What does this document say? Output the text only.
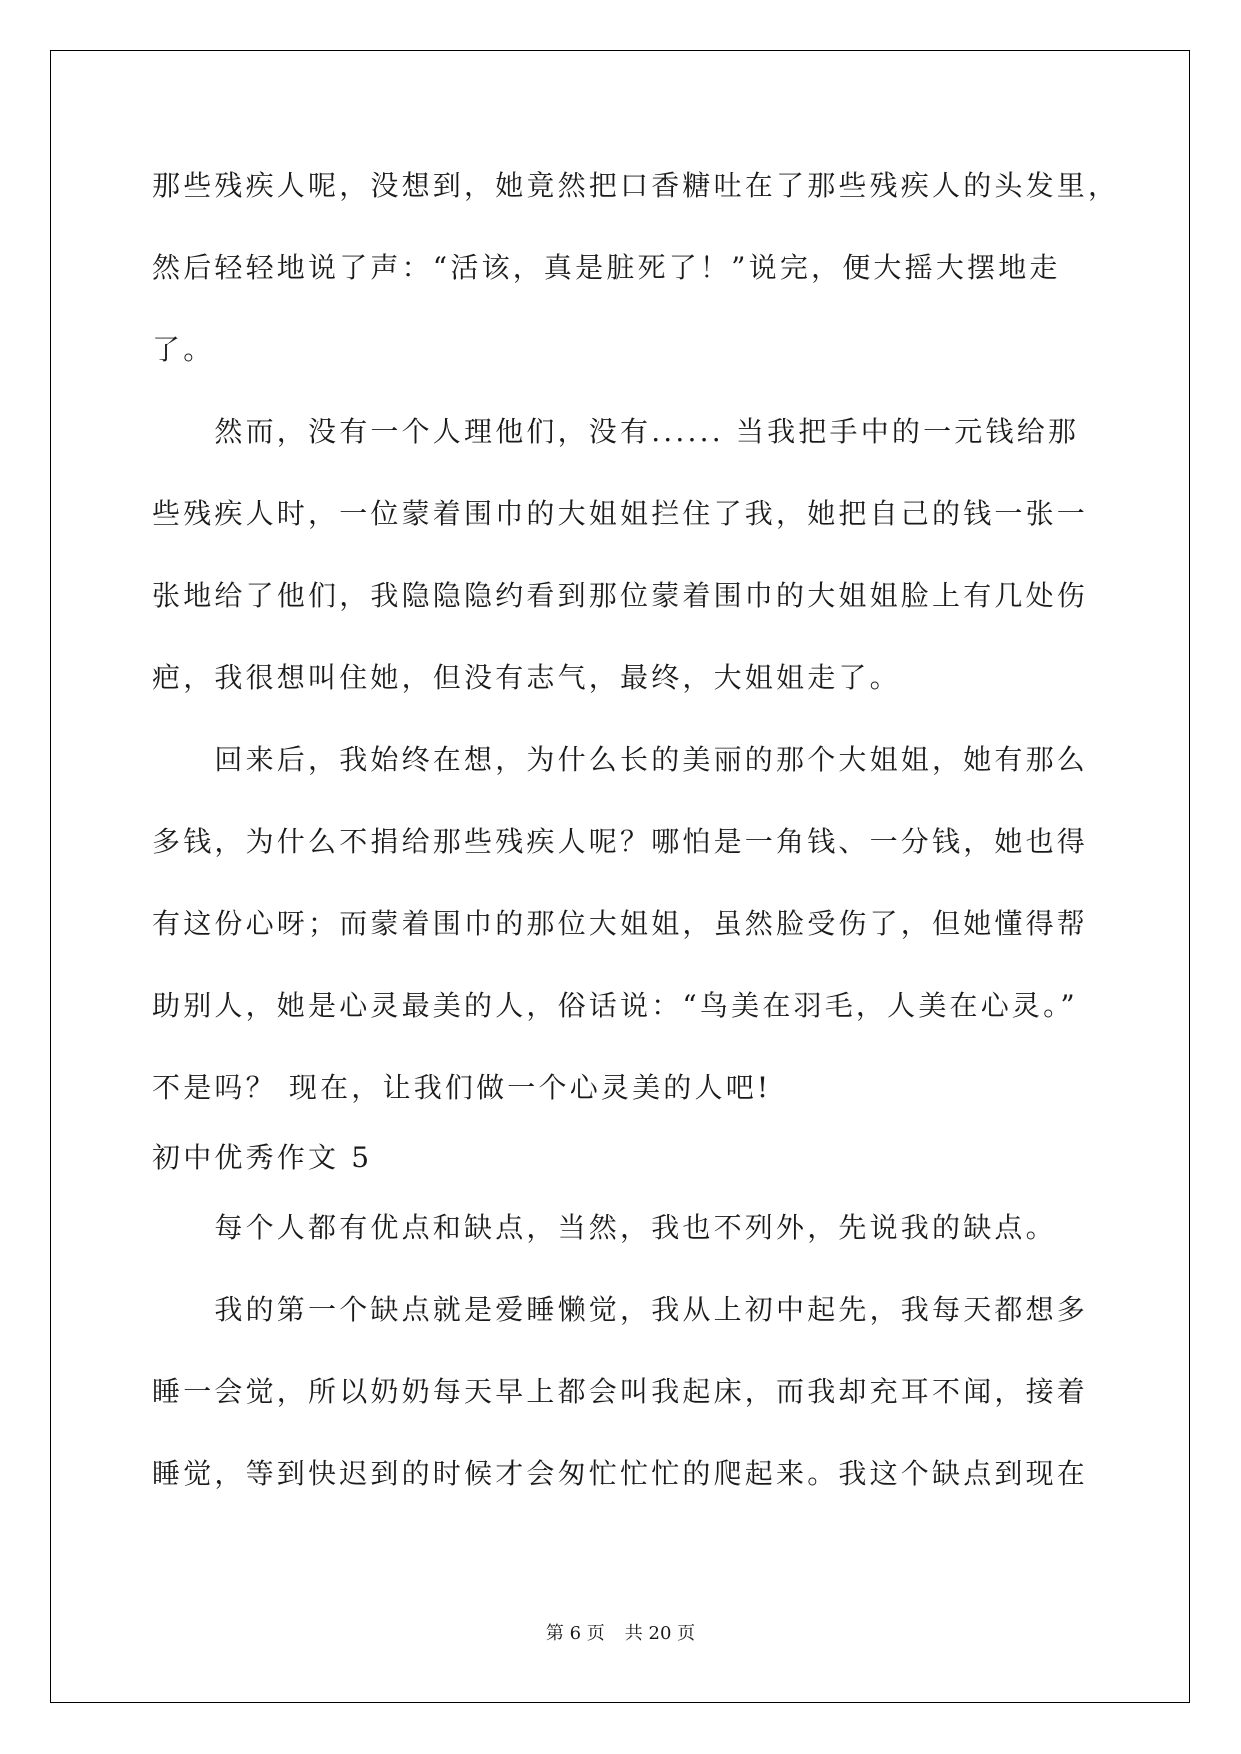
那些残疾人呢，没想到，她竟然把口香糖吐在了那些残疾人的头发里，
然后轻轻地说了声：“活该，真是脏死了！”说完，便大摇大摆地走
了。
　　然而，没有一个人理他们，没有...... 当我把手中的一元钱给那
些残疾人时，一位蒙着围巾的大姐姐拦住了我，她把自己的钱一张一
张地给了他们，我隐隐隐约看到那位蒙着围巾的大姐姐脸上有几处伤
疤，我很想叫住她，但没有志气，最终，大姐姐走了。
　　回来后，我始终在想，为什么长的美丽的那个大姐姐，她有那么
多钱，为什么不捐给那些残疾人呢？哪怕是一角钱、一分钱，她也得
有这份心呀；而蒙着围巾的那位大姐姐，虽然脸受伤了，但她懂得帮
助别人，她是心灵最美的人，俗话说：“鸟美在羽毛，人美在心灵。”
不是吗？ 现在，让我们做一个心灵美的人吧!
初中优秀作文 5
　　每个人都有优点和缺点，当然，我也不列外，先说我的缺点。
　　我的第一个缺点就是爱睡懒觉，我从上初中起先，我每天都想多
睡一会觉，所以奶奶每天早上都会叫我起床，而我却充耳不闻，接着
睡觉，等到快迟到的时候才会匆忙忙忙的爬起来。我这个缺点到现在
第 6 页 共 20 页
